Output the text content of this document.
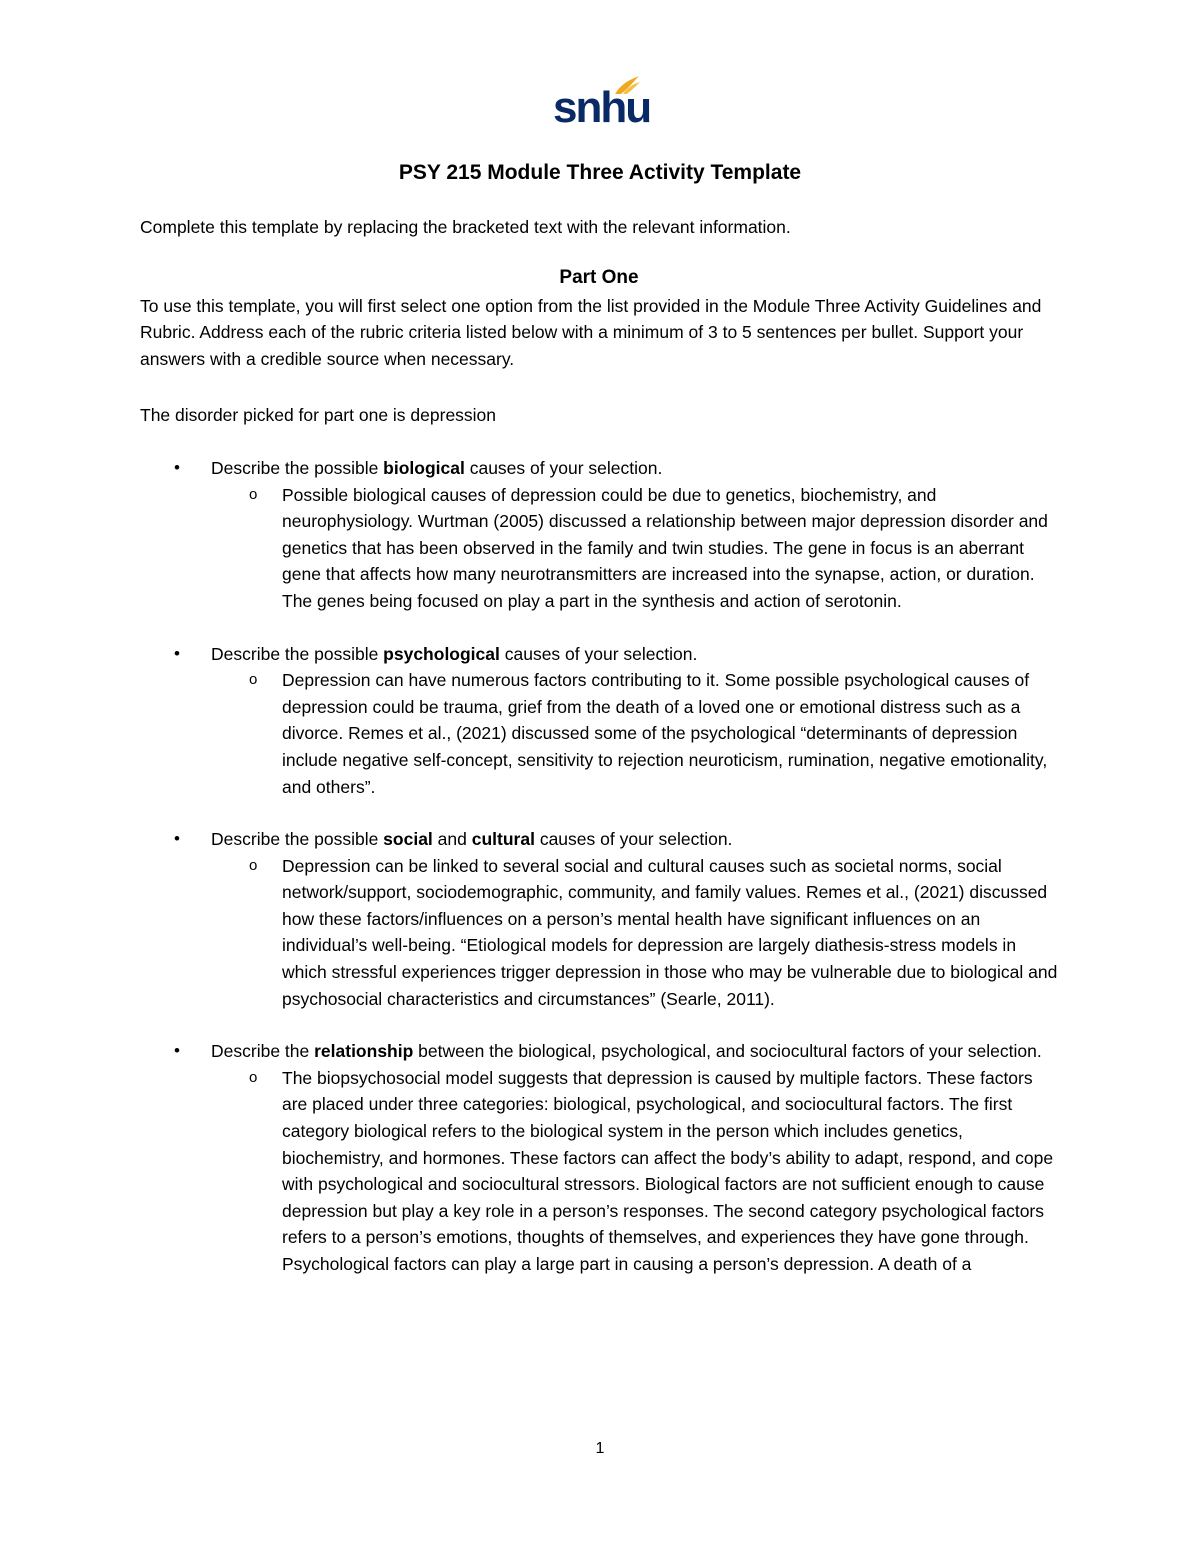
snhu
PSY 215 Module Three Activity Template

Complete this template by replacing the bracketed text with the relevant information.

Part One

To use this template, you will first select one option from the list provided in the Module Three Activity Guidelines and Rubric. Address each of the rubric criteria listed below with a minimum of 3 to 5 sentences per bullet. Support your answers with a credible source when necessary.

The disorder picked for part one is depression

• Describe the possible biological causes of your selection.

o Possible biological causes of depression could be due to genetics, biochemistry, and neurophysiology. Wurtman (2005) discussed a relationship between major depression disorder and genetics that has been observed in the family and twin studies. The gene in focus is an aberrant gene that affects how many neurotransmitters are increased into the synapse, action, or duration. The genes being focused on play a part in the synthesis and action of serotonin.

• Describe the possible psychological causes of your selection.

o Depression can have numerous factors contributing to it. Some possible psychological causes of depression could be trauma, grief from the death of a loved one or emotional distress such as a divorce. Remes et al., (2021) discussed some of the psychological “determinants of depression include negative self-concept, sensitivity to rejection neuroticism, rumination, negative emotionality, and others”.

• Describe the possible social and cultural causes of your selection.

o Depression can be linked to several social and cultural causes such as societal norms, social network/support, sociodemographic, community, and family values. Remes et al., (2021) discussed how these factors/influences on a person’s mental health have significant influences on an individual’s well-being. “Etiological models for depression are largely diathesis-stress models in which stressful experiences trigger depression in those who may be vulnerable due to biological and psychosocial characteristics and circumstances” (Searle, 2011).

• Describe the relationship between the biological, psychological, and sociocultural factors of your selection.

o The biopsychosocial model suggests that depression is caused by multiple factors. These factors are placed under three categories: biological, psychological, and sociocultural factors. The first category biological refers to the biological system in the person which includes genetics, biochemistry, and hormones. These factors can affect the body’s ability to adapt, respond, and cope with psychological and sociocultural stressors. Biological factors are not sufficient enough to cause depression but play a key role in a person’s responses. The second category psychological factors refers to a person’s emotions, thoughts of themselves, and experiences they have gone through. Psychological factors can play a large part in causing a person’s depression. A death of a

1
